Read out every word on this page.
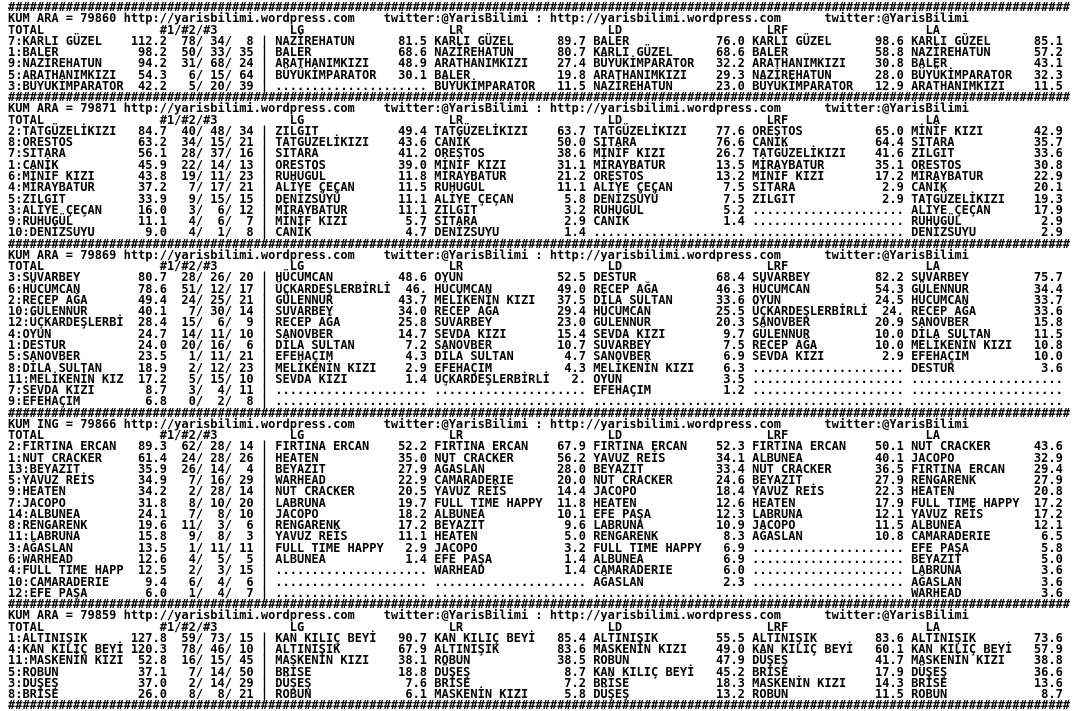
###################################################################################################################################################
KUM ARA = 79860 http://yarisbilimi.wordpress.com    twitter:@YarisBilimi : http://yarisbilimi.wordpress.com      twitter:@YarisBilimi
TOTAL                #1/#2/#3          LG                    LR                    LD                    LRF                   LA
7:KARLI GÜZEL    112.2  78/ 34/  8 | NAZİREHATUN      81.5 KARLI GÜZEL      89.7 BALER            76.0 KARLI GÜZEL      98.6 KARLI GÜZEL      85.1
1:BALER           98.2  50/ 33/ 35 | BALER            68.6 NAZİREHATUN      80.7 KARLI GÜZEL      68.6 BALER            58.8 NAZİREHATUN      57.2
9:NAZİREHATUN     94.2  31/ 68/ 24 | ARATHANIMKIZI    48.9 ARATHANIMKIZI    27.4 BÜYÜKİMPARATOR   32.2 ARATHANIMKIZI    30.8 BALER            43.1
5:ARATHANIMKIZI   54.3   6/ 15/ 64 | BÜYÜKİMPARATOR   30.1 BALER            19.8 ARATHANIMKIZI    29.3 NAZİREHATUN      28.0 BÜYÜKİMPARATOR   32.3
3:BÜYÜKİMPARATOR  42.2   5/ 20/ 39 | ..................... BÜYÜKİMPARATOR   11.5 NAZİREHATUN      23.0 BÜYÜKİMPARATOR   12.9 ARATHANIMKIZI    11.5
###################################################################################################################################################
KUM ARA = 79871 http://yarisbilimi.wordpress.com    twitter:@YarisBilimi : http://yarisbilimi.wordpress.com      twitter:@YarisBilimi
TOTAL                #1/#2/#3          LG                    LR                    LD                    LRF                   LA
2:TATGÜZELİKIZI   84.7  40/ 48/ 34 | ZILGIT           49.4 TATGÜZELİKIZI    63.7 TATGÜZELİKIZI    77.6 ORESTOS          65.0 MİNİF KIZI       42.9
8:ORESTOS         63.2  34/ 15/ 21 | TATGÜZELİKIZI    43.6 CANİK            50.0 SITARA           76.6 CANİK            64.4 SITARA           35.7
7:SITARA          56.1  28/ 37/ 16 | SITARA           41.2 ORESTOS          38.6 MİNİF KIZI       26.7 TATGÜZELİKIZI    41.6 ZILGIT           33.6
1:CANİK           45.9  22/ 14/ 13 | ORESTOS          39.0 MİNİF KIZI       31.1 MİRAYBATUR       13.5 MİRAYBATUR       35.1 ORESTOS          30.8
6:MİNİF KIZI      43.8  19/ 11/ 23 | RUHUGÜL          11.8 MİRAYBATUR       21.2 ORESTOS          13.2 MİNİF KIZI       17.2 MİRAYBATUR       22.9
4:MİRAYBATUR      37.2   7/ 17/ 21 | ALİYE ÇEÇAN      11.5 RUHUGÜL          11.1 ALİYE ÇEÇAN       7.5 SITARA            2.9 CANİK            20.1
5:ZILGIT          33.9   9/ 15/ 15 | DENİZSÜYÜ        11.1 ALİYE ÇEÇAN       5.8 DENİZSÜYÜ         7.5 ZILGIT            2.9 TATGÜZELİKIZI    19.3
3:ALİYE ÇEÇAN     16.0   3/  6/ 12 | MİRAYBATUR       11.1 ZILGIT            3.2 RUHUGÜL           5.2 ..................... ALİYE ÇEÇAN      17.9
9:RUHUGÜL         11.1   4/  6/  7 | MİNİF KIZI        5.7 SITARA            2.9 CANİK             1.4 ..................... RUHUGÜL           2.9
10:DENİZSUYU       9.0   4/  1/  8 | CANİK             4.7 DENİZSUYU         1.4 ..................... ..................... DENİZSUYU         2.9
###################################################################################################################################################
KUM ARA = 79869 http://yarisbilimi.wordpress.com    twitter:@YarisBilimi : http://yarisbilimi.wordpress.com      twitter:@YarisBilimi
TOTAL                #1/#2/#3          LG                    LR                    LD                    LRF                   LA
3:SUVARBEY        80.7  28/ 26/ 20 | HÜCUMCAN         48.6 OYUN             52.5 DESTUR           68.4 SUVARBEY         82.2 SUVARBEY         75.7
6:HÜCUMCAN        78.6  51/ 12/ 17 | ÜÇKARDEŞLERBİRLİ  46. HÜCUMCAN         49.0 RECEP AĞA        46.3 HÜCUMCAN         54.3 GÜLENNUR         34.4
2:RECEP AĞA       49.4  24/ 25/ 21 | GÜLENNUR         43.7 MELİKENİN KIZI   37.5 DİLA SULTAN      33.6 OYUN             24.5 HÜCUMCAN         33.7
10:GÜLENNUR       40.1   7/ 30/ 14 | SUVARBEY         34.0 RECEP AĞA        29.4 HÜCUMCAN         25.5 ÜÇKARDEŞLERBİRLİ  24. RECEP AĞA        33.6
12:ÜÇKARDEŞLERBİ  28.4  15/  6/  9 | RECEP AĞA        25.8 SUVARBEY         23.0 GÜLENNUR         20.3 SANOVBER         20.9 SANOVBER         15.8
4:OYUN            24.7  14/ 11/ 10 | SANOVBER         14.7 SEVDA KIZI       15.4 SEVDA KIZI        9.7 GÜLENNUR         10.0 DİLA SULTAN      11.5
1:DESTUR          24.0  20/ 16/  6 | DİLA SULTAN       7.2 SANOVBER         10.7 SUVARBEY          7.5 RECEP AĞA        10.0 MELİKENİN KIZI   10.8
5:SANOVBER        23.5   1/ 11/ 21 | EFEHAÇIM          4.3 DİLA SULTAN       4.7 SANOVBER          6.9 SEVDA KIZI        2.9 EFEHAÇIM         10.0
8:DİLA SULTAN     18.9   2/ 12/ 23 | MELİKENİN KIZI    2.9 EFEHAÇIM          4.3 MELİKENİN KIZI    6.3 ..................... DESTUR            3.6
11:MELİKENİN KIZ  17.2   5/ 15/ 10 | SEVDA KIZI        1.4 ÜÇKARDEŞLERBİRLİ   2. OYUN              3.5 ..................... .....................
7:SEVDA KIZI       8.7   3/  4/ 11 | ..................... ..................... EFEHAÇIM          1.2 ..................... .....................
9:EFEHAÇIM         6.8   0/  2/  8 | ..................... ..................... ..................... ..................... .....................
###################################################################################################################################################
KUM ING = 79866 http://yarisbilimi.wordpress.com    twitter:@YarisBilimi : http://yarisbilimi.wordpress.com      twitter:@YarisBilimi
TOTAL                #1/#2/#3          LG                    LR                    LD                    LRF                   LA
2:FIRTINA ERCAN   89.3  62/ 28/ 14 | FIRTINA ERCAN    52.2 FIRTINA ERCAN    67.9 FIRTINA ERCAN    52.3 FIRTINA ERCAN    50.1 NUT CRACKER      43.6
1:NUT CRACKER     61.4  24/ 28/ 26 | HEATEN           35.0 NUT CRACKER      56.2 YAVUZ REİS       34.1 ALBUNEA          40.1 JACOPO           32.9
13:BEYAZIT        35.9  26/ 14/  4 | BEYAZIT          27.9 AĞASLAN          28.0 BEYAZIT          33.4 NUT CRACKER      36.5 FIRTINA ERCAN    29.4
5:YAVUZ REİS      34.9   7/ 16/ 29 | WARHEAD          22.9 CAMARADERIE      20.0 NUT CRACKER      24.6 BEYAZIT          27.9 RENGARENK        27.9
9:HEATEN          34.2   2/ 28/ 14 | NUT CRACKER      20.5 YAVUZ REİS       14.4 JACOPO           18.4 YAVUZ REİS       22.3 HEATEN           20.8
7:JACOPO          31.8   8/ 10/ 20 | LABRUNA          19.7 FULL TIME HAPPY  11.8 HEATEN           12.6 HEATEN           17.9 FULL TIME HAPPY  17.2
14:ALBUNEA        24.1   7/  8/ 10 | JACOPO           18.2 ALBUNEA          10.1 EFE PAŞA         12.3 LABRUNA          12.1 YAVUZ REİS       17.2
8:RENGARENK       19.6  11/  3/  6 | RENGARENK        17.2 BEYAZIT           9.6 LABRUNA          10.9 JACOPO           11.5 ALBUNEA          12.1
11:LABRUNA        15.8   9/  8/  3 | YAVUZ REİS       11.1 HEATEN            5.0 RENGARENK         8.3 AĞASLAN          10.8 CAMARADERIE       6.5
3:AĞASLAN         13.5   1/ 11/ 11 | FULL TIME HAPPY   2.9 JACOPO            3.2 FULL TIME HAPPY   6.9 ..................... EFE PAŞA          5.8
6:WARHEAD         12.6   4/  5/  5 | ALBUNEA           1.4 EFE PAŞA          1.4 ALBUNEA           6.9 ..................... BEYAZIT           5.0
4:FULL TIME HAPP  12.5   2/  3/ 15 | ..................... WARHEAD           1.4 CAMARADERIE       6.0 ..................... LABRUNA           3.6
10:CAMARADERIE     9.4   6/  4/  6 | ..................... ..................... AĞASLAN           2.3 ..................... AĞASLAN           3.6
12:EFE PAŞA        6.0   1/  4/  7 | ..................... ..................... ..................... ..................... WARHEAD           3.6
###################################################################################################################################################
KUM ARA = 79859 http://yarisbilimi.wordpress.com    twitter:@YarisBilimi : http://yarisbilimi.wordpress.com      twitter:@YarisBilimi
TOTAL                #1/#2/#3          LG                    LR                    LD                    LRF                   LA
1:ALTINIŞIK      127.8  59/ 73/ 15 | KAN KILIÇ BEYİ   90.7 KAN KILIÇ BEYİ   85.4 ALTINIŞIK        55.5 ALTINIŞIK        83.6 ALTINIŞIK        73.6
4:KAN KILIÇ BEYİ 120.3  78/ 46/ 10 | ALTINIŞIK        67.9 ALTINIŞIK        83.6 MASKENİN KIZI    49.0 KAN KILIÇ BEYİ   60.1 KAN KILIÇ BEYİ   57.9
11:MASKENİN KIZI  52.8  16/ 15/ 45 | MASKENİN KIZI    38.1 ROBUN            38.5 ROBUN            47.9 DÜŞEŞ            41.7 MASKENİN KIZI    38.8
5:ROBUN           37.1   7/ 14/ 50 | BRİSE            18.8 DÜŞEŞ             8.7 KAN KILIÇ BEYİ   45.2 BRİSE            17.9 DÜŞEŞ            36.6
3:DÜŞEŞ           37.0   2/ 14/ 29 | DÜŞEŞ             7.6 BRİSE             7.2 BRİSE            18.3 MASKENİN KIZI    14.3 BRİSE            13.6
8:BRİSE           26.0   8/  8/ 21 | ROBUN             6.1 MASKENİN KIZI     5.8 DÜŞEŞ            13.2 ROBUN            11.5 ROBUN             8.7
###################################################################################################################################################
